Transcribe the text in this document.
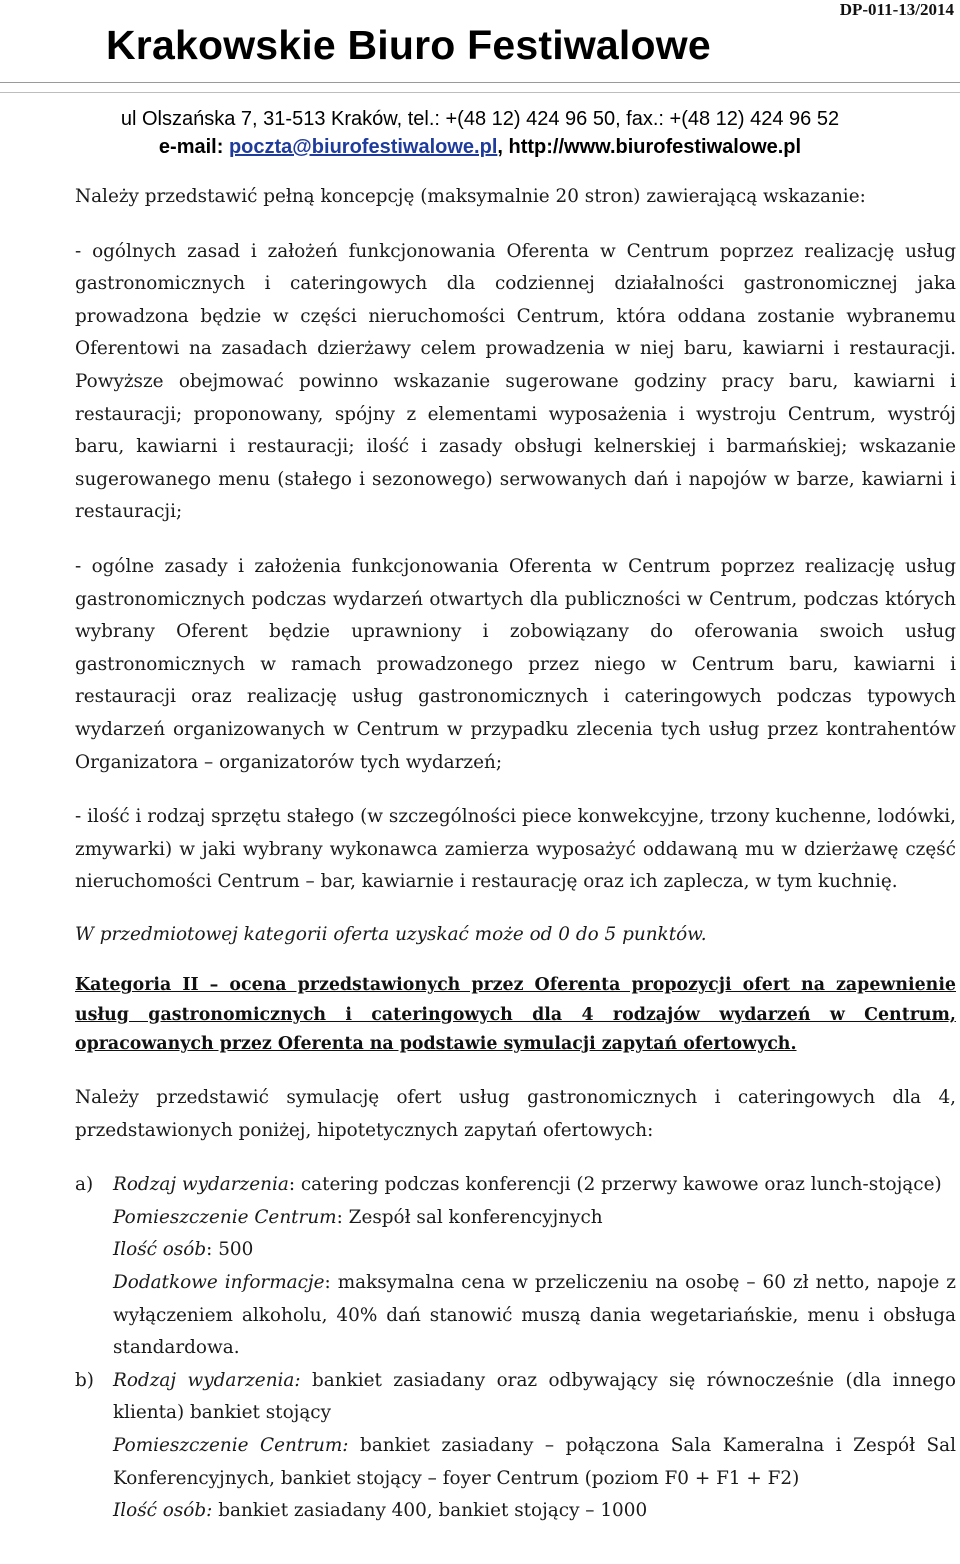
DP-011-13/2014
Krakowskie Biuro Festiwalowe
ul Olszańska 7, 31-513 Kraków, tel.: +(48 12) 424 96 50, fax.: +(48 12) 424 96 52
e-mail: poczta@biurofestiwalowe.pl, http://www.biurofestiwalowe.pl

Należy przedstawić pełną koncepcję (maksymalnie 20 stron) zawierającą wskazanie:

- ogólnych zasad i założeń funkcjonowania Oferenta w Centrum poprzez realizację usług gastronomicznych i cateringowych dla codziennej działalności gastronomicznej jaka prowadzona będzie w części nieruchomości Centrum, która oddana zostanie wybranemu Oferentowi na zasadach dzierżawy celem prowadzenia w niej baru, kawiarni i restauracji. Powyższe obejmować powinno wskazanie sugerowane godziny pracy baru, kawiarni i restauracji; proponowany, spójny z elementami wyposażenia i wystroju Centrum, wystrój baru, kawiarni i restauracji; ilość i zasady obsługi kelnerskiej i barmańskiej; wskazanie sugerowanego menu (stałego i sezonowego) serwowanych dań i napojów w barze, kawiarni i restauracji;

- ogólne zasady i założenia funkcjonowania Oferenta w Centrum poprzez realizację usług gastronomicznych podczas wydarzeń otwartych dla publiczności w Centrum, podczas których wybrany Oferent będzie uprawniony i zobowiązany do oferowania swoich usług gastronomicznych w ramach prowadzonego przez niego w Centrum baru, kawiarni i restauracji oraz realizację usług gastronomicznych i cateringowych podczas typowych wydarzeń organizowanych w Centrum w przypadku zlecenia tych usług przez kontrahentów Organizatora – organizatorów tych wydarzeń;

- ilość i rodzaj sprzętu stałego (w szczególności piece konwekcyjne, trzony kuchenne, lodówki, zmywarki) w jaki wybrany wykonawca zamierza wyposażyć oddawaną mu w dzierżawę część nieruchomości Centrum – bar, kawiarnie i restaurację oraz ich zaplecza, w tym kuchnię.

W przedmiotowej kategorii oferta uzyskać może od 0 do 5 punktów.

Kategoria II – ocena przedstawionych przez Oferenta propozycji ofert na zapewnienie usług gastronomicznych i cateringowych dla 4 rodzajów wydarzeń w Centrum, opracowanych przez Oferenta na podstawie symulacji zapytań ofertowych.

Należy przedstawić symulację ofert usług gastronomicznych i cateringowych dla 4, przedstawionych poniżej, hipotetycznych zapytań ofertowych:

a)	Rodzaj wydarzenia: catering podczas konferencji (2 przerwy kawowe oraz lunch-stojące)

Pomieszczenie Centrum: Zespół sal konferencyjnych

Ilość osób: 500

Dodatkowe informacje: maksymalna cena w przeliczeniu na osobę – 60 zł netto, napoje z wyłączeniem alkoholu, 40% dań stanowić muszą dania wegetariańskie, menu i obsługa standardowa.

b)	Rodzaj wydarzenia: bankiet zasiadany oraz odbywający się równocześnie (dla innego klienta) bankiet stojący

Pomieszczenie Centrum: bankiet zasiadany – połączona Sala Kameralna i Zespół Sal Konferencyjnych, bankiet stojący – foyer Centrum (poziom F0 + F1 + F2)

Ilość osób: bankiet zasiadany 400, bankiet stojący – 1000
